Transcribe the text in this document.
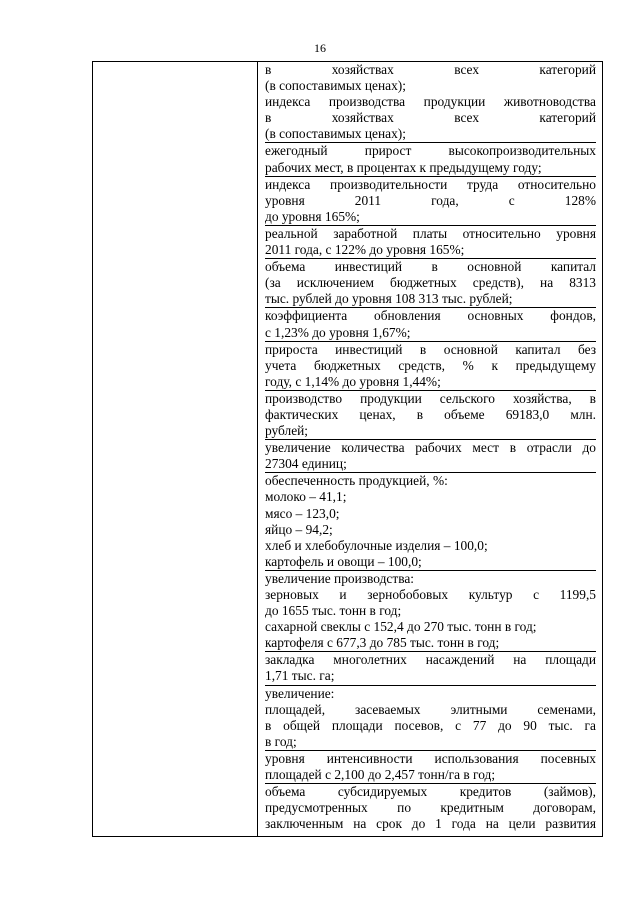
16
в хозяйствах всех категорий
(в сопоставимых ценах);
индекса производства продукции животноводства
в хозяйствах всех категорий
(в сопоставимых ценах);
ежегодный прирост высокопроизводительных
рабочих мест, в процентах к предыдущему году;
индекса производительности труда относительно
уровня 2011 года, с 128%
до уровня 165%;
реальной заработной платы относительно уровня
2011 года, с 122% до уровня 165%;
объема инвестиций в основной капитал
(за исключением бюджетных средств), на 8313
тыс. рублей до уровня 108 313 тыс. рублей;
коэффициента обновления основных фондов,
с 1,23% до уровня 1,67%;
прироста инвестиций в основной капитал без
учета бюджетных средств, % к предыдущему
году, с 1,14% до уровня 1,44%;
производство продукции сельского хозяйства, в
фактических ценах, в объеме 69183,0 млн.
рублей;
увеличение количества рабочих мест в отрасли до
27304 единиц;
обеспеченность продукцией, %:
молоко – 41,1;
мясо – 123,0;
яйцо – 94,2;
хлеб и хлебобулочные изделия – 100,0;
картофель и овощи – 100,0;
увеличение производства:
зерновых и зернобобовых культур с 1199,5
до 1655 тыс. тонн в год;
сахарной свеклы с 152,4 до 270 тыс. тонн в год;
картофеля с 677,3 до 785 тыс. тонн в год;
закладка многолетних насаждений на площади
1,71 тыс. га;
увеличение:
площадей, засеваемых элитными семенами,
в общей площади посевов, с 77 до 90 тыс. га
в год;
уровня интенсивности использования посевных
площадей с 2,100 до 2,457 тонн/га в год;
объема субсидируемых кредитов (займов),
предусмотренных по кредитным договорам,
заключенным на срок до 1 года на цели развития
